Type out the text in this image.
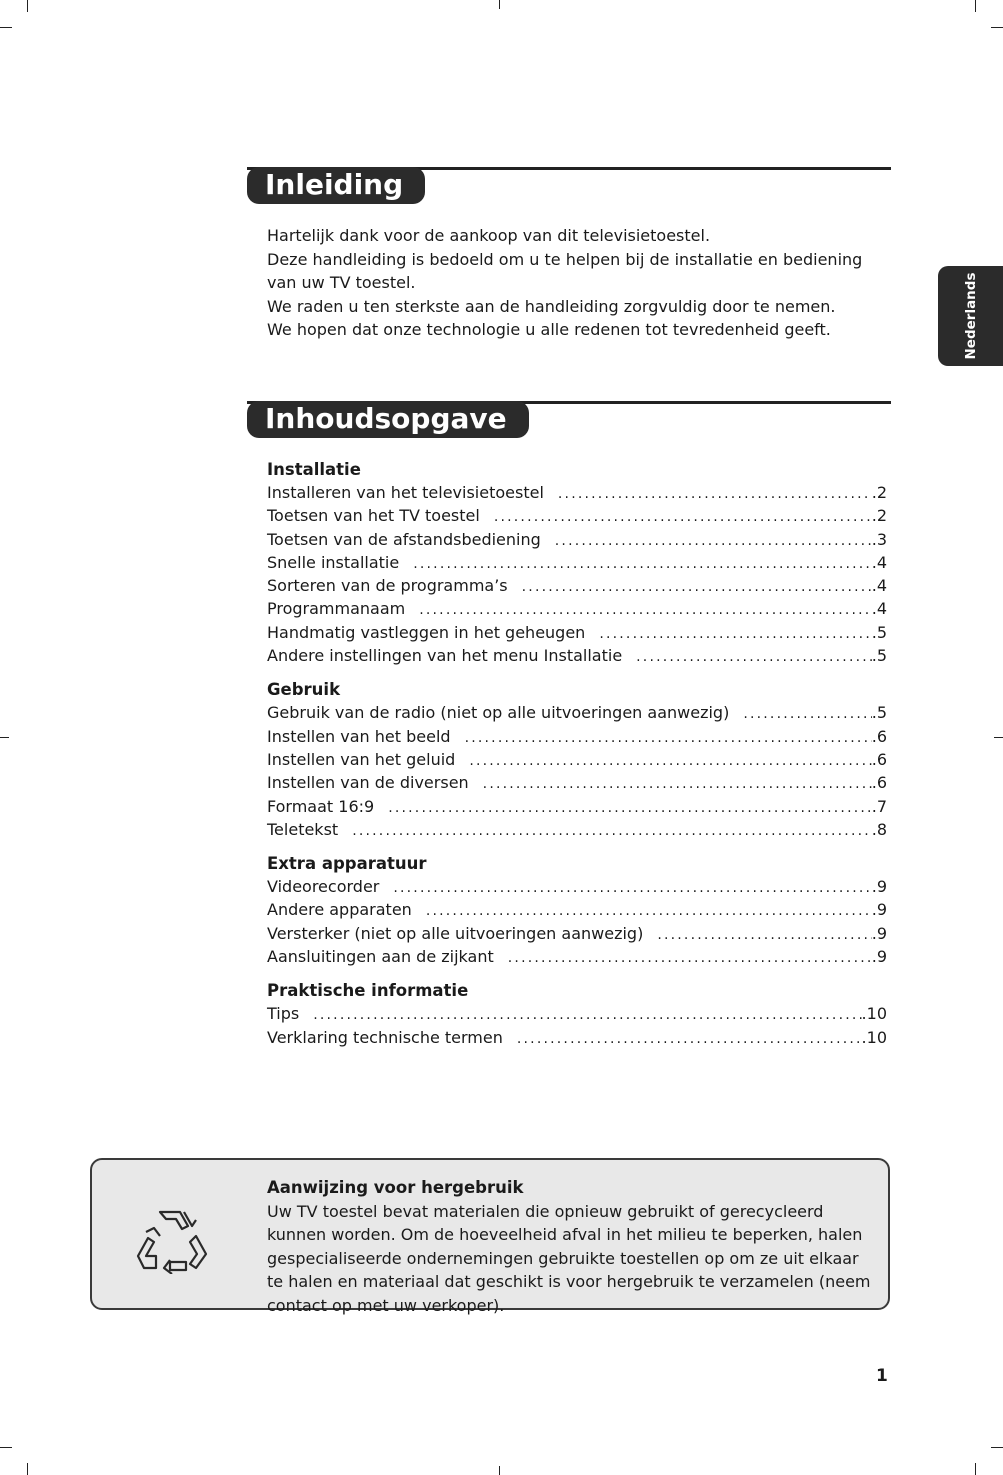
Nederlands
Inleiding

Hartelijk dank voor de aankoop van dit televisietoestel.

Deze handleiding is bedoeld om u te helpen bij de installatie en bediening van uw TV toestel.

We raden u ten sterkste aan de handleiding zorgvuldig door te nemen.

We hopen dat onze technologie u alle redenen tot tevredenheid geeft.

Inhoudsopgave
Installatie
Installeren van het televisietoestel .....	.2
Toetsen van het TV toestel .....	.2
Toetsen van de afstandsbediening .....	.3
Snelle installatie .....	.4
Sorteren van de programma’s .....	.4
Programmanaam .....	.4
Handmatig vastleggen in het geheugen .....	.5
Andere instellingen van het menu Installatie .....	.5
Gebruik
Gebruik van de radio (niet op alle uitvoeringen aanwezig) .....	.5
Instellen van het beeld .....	.6
Instellen van het geluid .....	.6
Instellen van de diversen .....	.6
Formaat 16:9 .....	.7
Teletekst .....	.8
Extra apparatuur
Videorecorder .....	.9
Andere apparaten .....	.9
Versterker (niet op alle uitvoeringen aanwezig) .....	.9
Aansluitingen aan de zijkant .....	.9
Praktische informatie
Tips .....	.10
Verklaring technische termen .....	.10
Aanwijzing voor hergebruik
Uw TV toestel bevat materialen die opnieuw gebruikt of gerecycleerd kunnen worden. Om de hoeveelheid afval in het milieu te beperken, halen gespecialiseerde ondernemingen gebruikte toestellen op om ze uit elkaar te halen en materiaal dat geschikt is voor hergebruik te verzamelen (neem contact op met uw verkoper).
1
